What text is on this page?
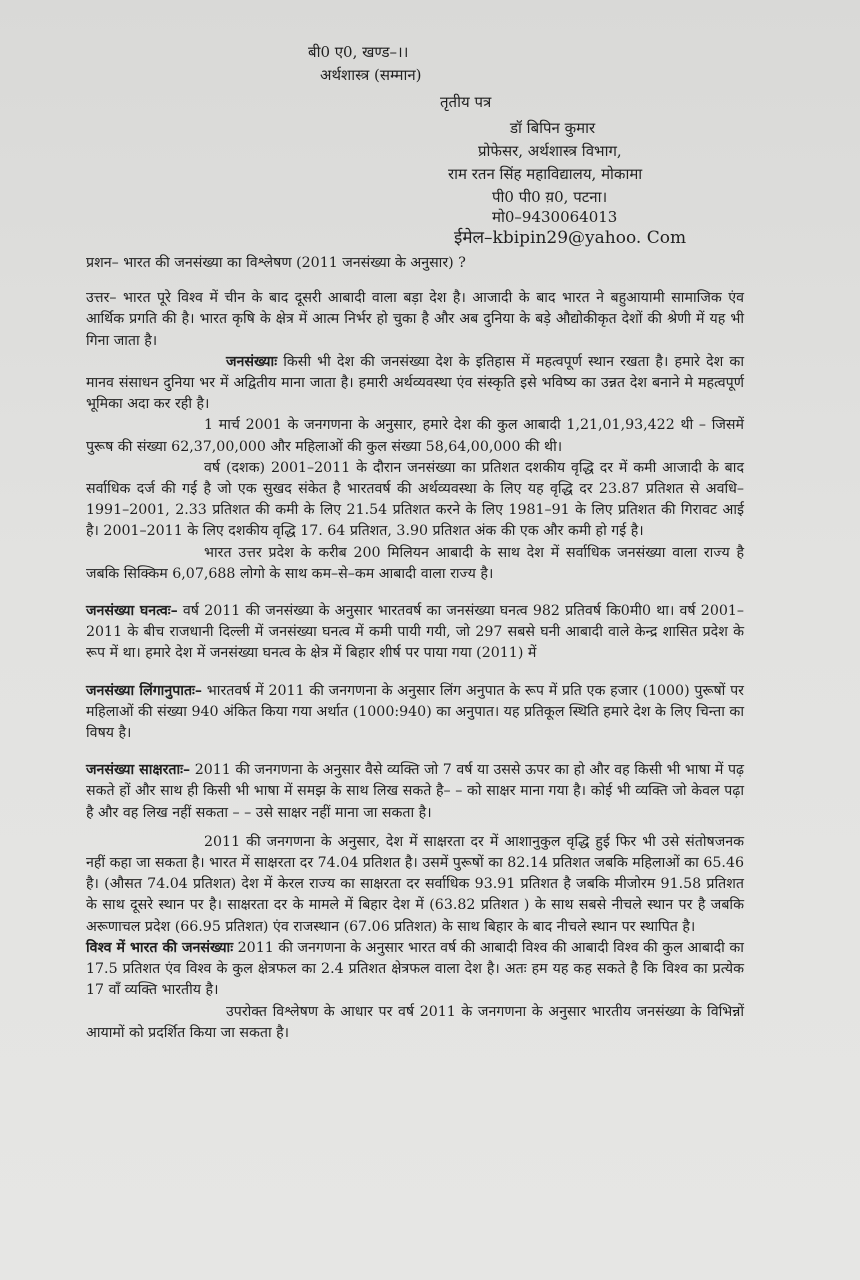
बी0 ए0, खण्ड–।।
अर्थशास्त्र (सम्मान)
तृतीय पत्र
डॉ बिपिन कुमार
प्रोफेसर, अर्थशास्त्र विभाग,
राम रतन सिंह महाविद्यालय, मोकामा
पी0 पी0 य़0, पटना।
मो0–9430064013
ईमेल–kbipin29@yahoo. Com

प्रशन– भारत की जनसंख्या का विश्लेषण (2011 जनसंख्या के अनुसार) ?

उत्तर– भारत पूरे विश्व में चीन के बाद दूसरी आबादी वाला बड़ा देश है। आजादी के बाद भारत ने बहुआयामी सामाजिक एंव आर्थिक प्रगति की है। भारत कृषि के क्षेत्र में आत्म निर्भर हो चुका है और अब दुनिया के बड़े औद्योकीकृत देशों की श्रेणी में यह भी गिना जाता है।

जनसंख्याः किसी भी देश की जनसंख्या देश के इतिहास में महत्वपूर्ण स्थान रखता है। हमारे देश का मानव संसाधन दुनिया भर में अद्वितीय माना जाता है। हमारी अर्थव्यवस्था एंव संस्कृति इसे भविष्य का उन्नत देश बनाने मे महत्वपूर्ण भूमिका अदा कर रही है।

1 मार्च 2001 के जनगणना के अनुसार, हमारे देश की कुल आबादी 1,21,01,93,422 थी – जिसमें पुरूष की संख्या 62,37,00,000 और महिलाओं की कुल संख्या 58,64,00,000 की थी।

वर्ष (दशक) 2001–2011 के दौरान जनसंख्या का प्रतिशत दशकीय वृद्धि दर में कमी आजादी के बाद सर्वाधिक दर्ज की गई है जो एक सुखद संकेत है भारतवर्ष की अर्थव्यवस्था के लिए यह वृद्धि दर 23.87 प्रतिशत से अवधि–1991–2001, 2.33 प्रतिशत की कमी के लिए 21.54 प्रतिशत करने के लिए 1981–91 के लिए प्रतिशत की गिरावट आई है। 2001–2011 के लिए दशकीय वृद्धि 17. 64 प्रतिशत, 3.90 प्रतिशत अंक की एक और कमी हो गई है।

भारत उत्तर प्रदेश के करीब 200 मिलियन आबादी के साथ देश में सर्वाधिक जनसंख्या वाला राज्य है जबकि सिक्किम 6,07,688 लोगो के साथ कम–से–कम आबादी वाला राज्य है।

जनसंख्या घनत्वः– वर्ष 2011 की जनसंख्या के अनुसार भारतवर्ष का जनसंख्या घनत्व 982 प्रतिवर्ष कि0मी0 था। वर्ष 2001–2011 के बीच राजधानी दिल्ली में जनसंख्या घनत्व में कमी पायी गयी, जो 297 सबसे घनी आबादी वाले केन्द्र शासित प्रदेश के रूप में था। हमारे देश में जनसंख्या घनत्व के क्षेत्र में बिहार शीर्ष पर पाया गया (2011) में

जनसंख्या लिंगानुपातः– भारतवर्ष में 2011 की जनगणना के अनुसार लिंग अनुपात के रूप में प्रति एक हजार (1000) पुरूषों पर महिलाओं की संख्या 940 अंकित किया गया अर्थात (1000:940) का अनुपात। यह प्रतिकूल स्थिति हमारे देश के लिए चिन्ता का विषय है।

जनसंख्या साक्षरताः– 2011 की जनगणना के अनुसार वैसे व्यक्ति जो 7 वर्ष या उससे ऊपर का हो और वह किसी भी भाषा में पढ़ सकते हों और साथ ही किसी भी भाषा में समझ के साथ लिख सकते है– – को साक्षर माना गया है। कोई भी व्यक्ति जो केवल पढ़ा है और वह लिख नहीं सकता – – उसे साक्षर नहीं माना जा सकता है।

2011 की जनगणना के अनुसार, देश में साक्षरता दर में आशानुकुल वृद्धि हुई फिर भी उसे संतोषजनक नहीं कहा जा सकता है। भारत में साक्षरता दर 74.04 प्रतिशत है। उसमें पुरूषों का 82.14 प्रतिशत जबकि महिलाओं का 65.46 है। (औसत 74.04 प्रतिशत) देश में केरल राज्य का साक्षरता दर सर्वाधिक 93.91 प्रतिशत है जबकि मीजोरम 91.58 प्रतिशत के साथ दूसरे स्थान पर है। साक्षरता दर के मामले में बिहार देश में (63.82 प्रतिशत ) के साथ सबसे नीचले स्थान पर है जबकि अरूणाचल प्रदेश (66.95 प्रतिशत) एंव राजस्थान (67.06 प्रतिशत) के साथ बिहार के बाद नीचले स्थान पर स्थापित है।

विश्व में भारत की जनसंख्याः 2011 की जनगणना के अनुसार भारत वर्ष की आबादी विश्व की आबादी विश्व की कुल आबादी का 17.5 प्रतिशत एंव विश्व के कुल क्षेत्रफल का 2.4 प्रतिशत क्षेत्रफल वाला देश है। अतः हम यह कह सकते है कि विश्व का प्रत्येक 17 वाँ व्यक्ति भारतीय है।

उपरोक्त विश्लेषण के आधार पर वर्ष 2011 के जनगणना के अनुसार भारतीय जनसंख्या के विभिन्नों आयामों को प्रदर्शित किया जा सकता है।
